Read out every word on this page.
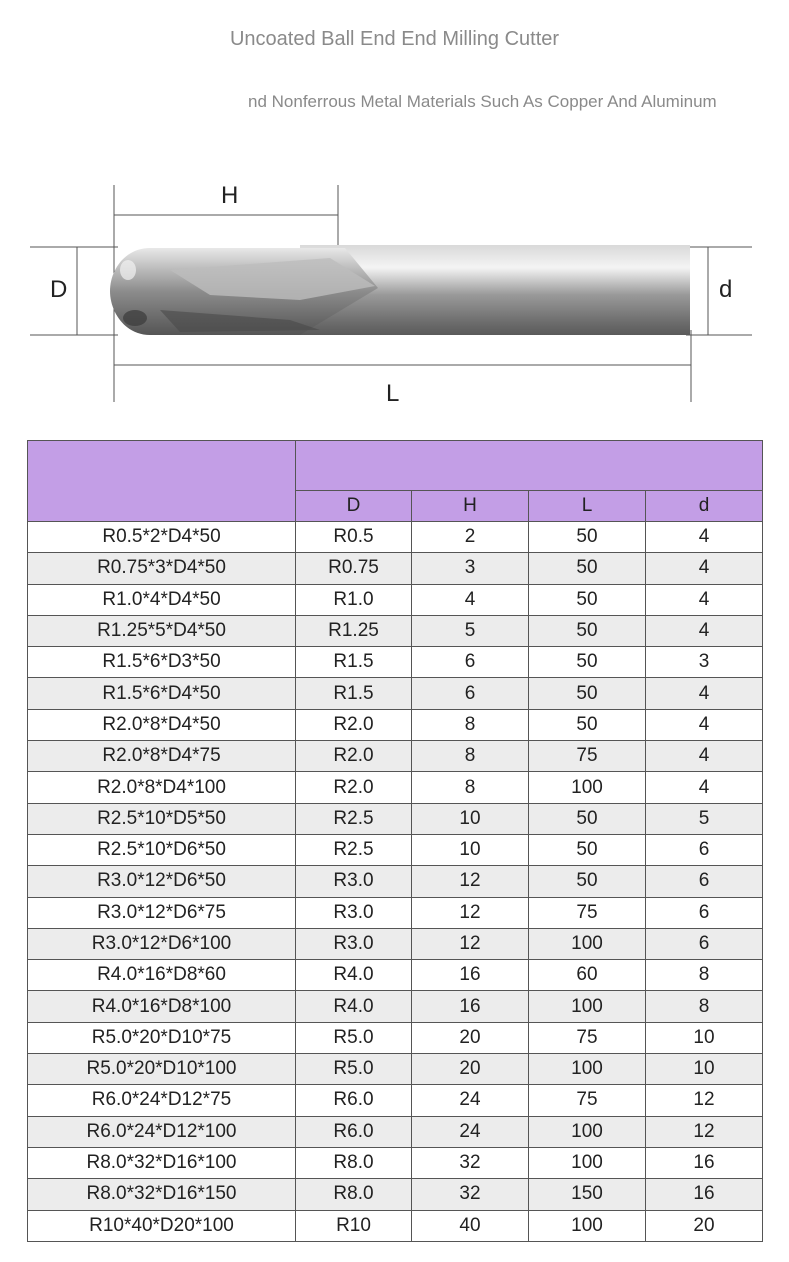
Uncoated Ball End End Milling Cutter
nd Nonferrous Metal Materials Such As Copper And Aluminum
H
D	d
L

	D	H	L	d
R0.5*2*D4*50	R0.5	2	50	4
R0.75*3*D4*50	R0.75	3	50	4
R1.0*4*D4*50	R1.0	4	50	4
R1.25*5*D4*50	R1.25	5	50	4
R1.5*6*D3*50	R1.5	6	50	3
R1.5*6*D4*50	R1.5	6	50	4
R2.0*8*D4*50	R2.0	8	50	4
R2.0*8*D4*75	R2.0	8	75	4
R2.0*8*D4*100	R2.0	8	100	4
R2.5*10*D5*50	R2.5	10	50	5
R2.5*10*D6*50	R2.5	10	50	6
R3.0*12*D6*50	R3.0	12	50	6
R3.0*12*D6*75	R3.0	12	75	6
R3.0*12*D6*100	R3.0	12	100	6
R4.0*16*D8*60	R4.0	16	60	8
R4.0*16*D8*100	R4.0	16	100	8
R5.0*20*D10*75	R5.0	20	75	10
R5.0*20*D10*100	R5.0	20	100	10
R6.0*24*D12*75	R6.0	24	75	12
R6.0*24*D12*100	R6.0	24	100	12
R8.0*32*D16*100	R8.0	32	100	16
R8.0*32*D16*150	R8.0	32	150	16
R10*40*D20*100	R10	40	100	20
